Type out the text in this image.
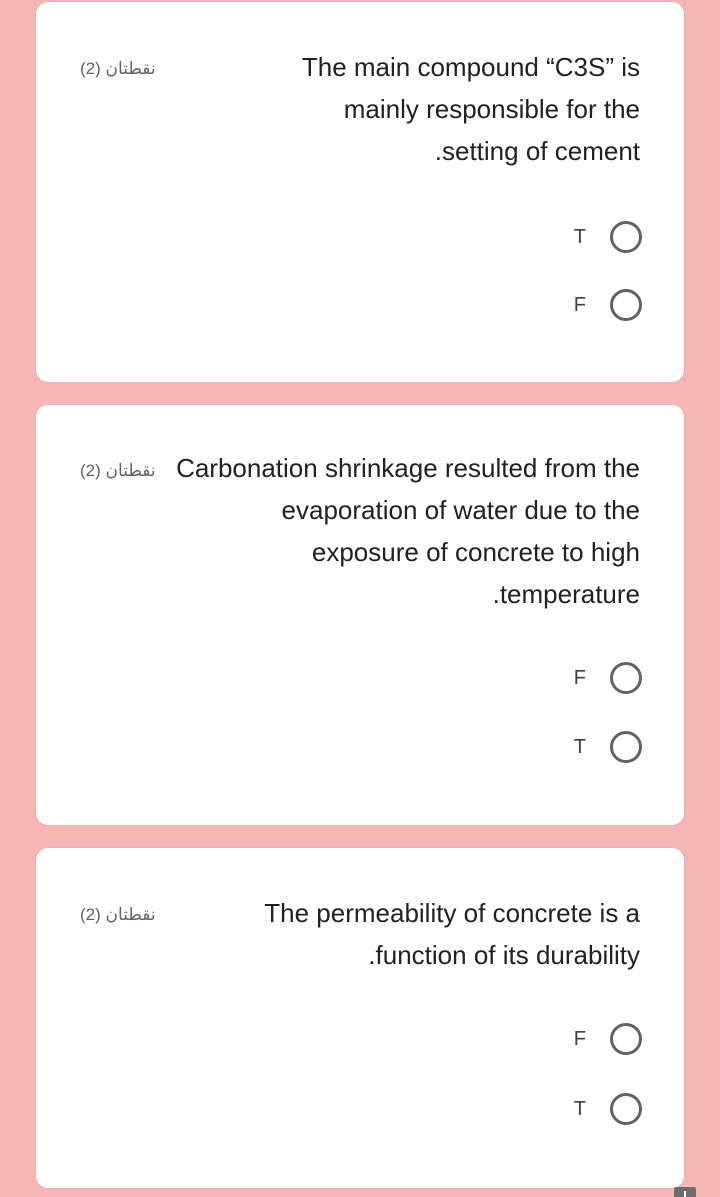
نقطتان (2)	The main compound “C3S” is mainly responsible for the setting of cement.
T
F
نقطتان (2) Carbonation shrinkage resulted from the evaporation of water due to the exposure of concrete to high temperature.
F
T
نقطتان (2)	The permeability of concrete is a function of its durability.
F
T
